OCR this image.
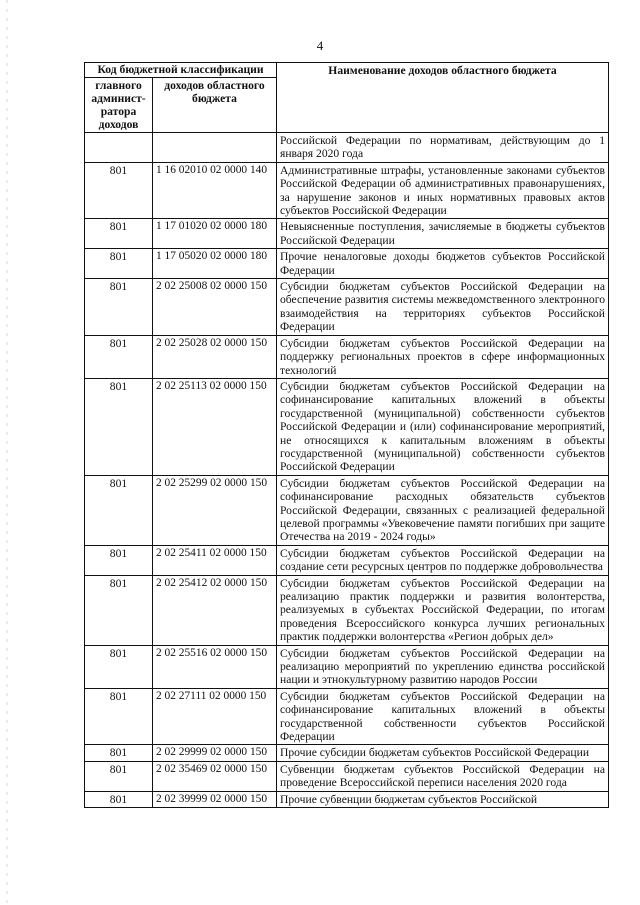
4
Код бюджетной классификации		Наименование доходов областного бюджета
главного админист-ратора доходов	доходов областного бюджета	
		Российской Федерации по нормативам, действующим до 1 января 2020 года
801	1 16 02010 02 0000 140	Административные штрафы, установленные законами субъектов Российской Федерации об административных правонарушениях, за нарушение законов и иных нормативных правовых актов субъектов Российской Федерации
801	1 17 01020 02 0000 180	Невыясненные поступления, зачисляемые в бюджеты субъектов Российской Федерации
801	1 17 05020 02 0000 180	Прочие неналоговые доходы бюджетов субъектов Российской Федерации
801	2 02 25008 02 0000 150	Субсидии бюджетам субъектов Российской Федерации на обеспечение развития системы межведомственного электронного взаимодействия на территориях субъектов Российской Федерации
801	2 02 25028 02 0000 150	Субсидии бюджетам субъектов Российской Федерации на поддержку региональных проектов в сфере информационных технологий
801	2 02 25113 02 0000 150	Субсидии бюджетам субъектов Российской Федерации на софинансирование капитальных вложений в объекты государственной (муниципальной) собственности субъектов Российской Федерации и (или) софинансирование мероприятий, не относящихся к капитальным вложениям в объекты государственной (муниципальной) собственности субъектов Российской Федерации
801	2 02 25299 02 0000 150	Субсидии бюджетам субъектов Российской Федерации на софинансирование расходных обязательств субъектов Российской Федерации, связанных с реализацией федеральной целевой программы «Увековечение памяти погибших при защите Отечества на 2019 - 2024 годы»
801	2 02 25411 02 0000 150	Субсидии бюджетам субъектов Российской Федерации на создание сети ресурсных центров по поддержке добровольчества
801	2 02 25412 02 0000 150	Субсидии бюджетам субъектов Российской Федерации на реализацию практик поддержки и развития волонтерства, реализуемых в субъектах Российской Федерации, по итогам проведения Всероссийского конкурса лучших региональных практик поддержки волонтерства «Регион добрых дел»
801	2 02 25516 02 0000 150	Субсидии бюджетам субъектов Российской Федерации на реализацию мероприятий по укреплению единства российской нации и этнокультурному развитию народов России
801	2 02 27111 02 0000 150	Субсидии бюджетам субъектов Российской Федерации на софинансирование капитальных вложений в объекты государственной собственности субъектов Российской Федерации
801	2 02 29999 02 0000 150	Прочие субсидии бюджетам субъектов Российской Федерации
801	2 02 35469 02 0000 150	Субвенции бюджетам субъектов Российской Федерации на проведение Всероссийской переписи населения 2020 года
801	2 02 39999 02 0000 150	Прочие субвенции бюджетам субъектов Российской
